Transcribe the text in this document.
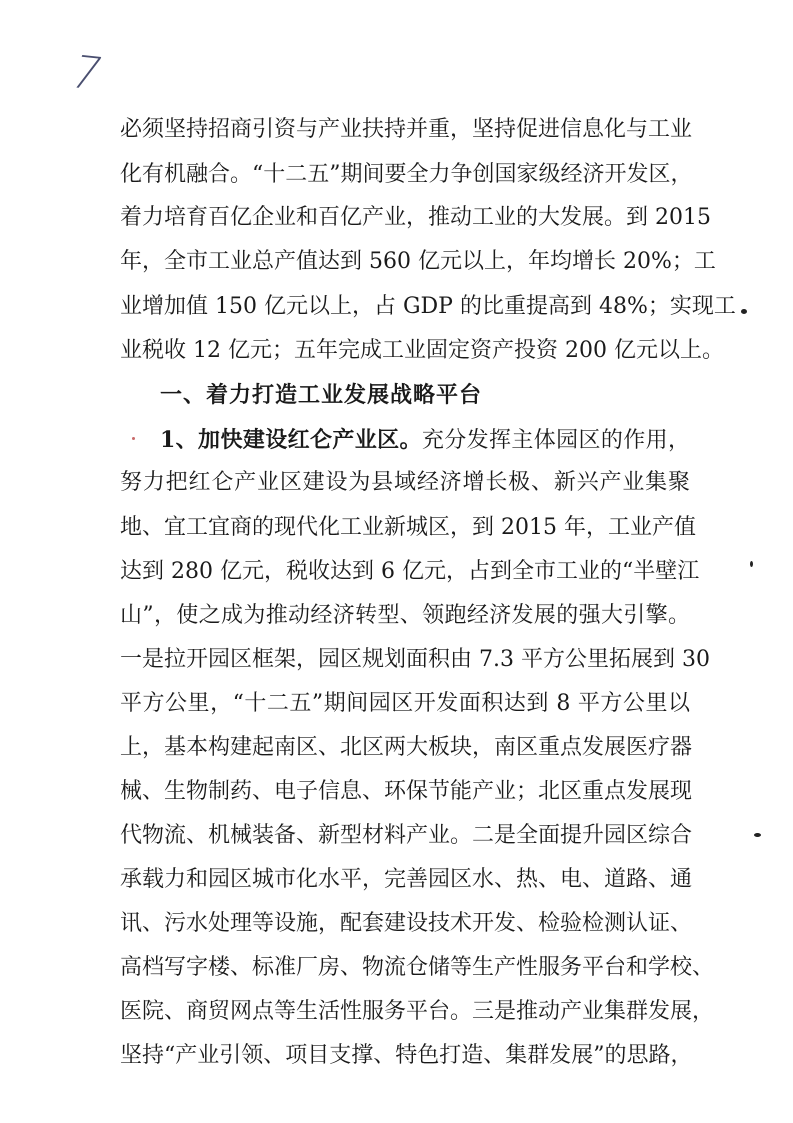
7
必须坚持招商引资与产业扶持并重，坚持促进信息化与工业
化有机融合。“十二五”期间要全力争创国家级经济开发区，
着力培育百亿企业和百亿产业，推动工业的大发展。到 2015
年，全市工业总产值达到 560 亿元以上，年均增长 20%；工
业增加值 150 亿元以上，占 GDP 的比重提高到 48%；实现工
业税收 12 亿元；五年完成工业固定资产投资 200 亿元以上。
一、着力打造工业发展战略平台
1、加快建设红仑产业区。充分发挥主体园区的作用，
努力把红仑产业区建设为县域经济增长极、新兴产业集聚
地、宜工宜商的现代化工业新城区，到 2015 年，工业产值
达到 280 亿元，税收达到 6 亿元，占到全市工业的“半壁江
山”，使之成为推动经济转型、领跑经济发展的强大引擎。
一是拉开园区框架，园区规划面积由 7.3 平方公里拓展到 30
平方公里，“十二五”期间园区开发面积达到 8 平方公里以
上，基本构建起南区、北区两大板块，南区重点发展医疗器
械、生物制药、电子信息、环保节能产业；北区重点发展现
代物流、机械装备、新型材料产业。二是全面提升园区综合
承载力和园区城市化水平，完善园区水、热、电、道路、通
讯、污水处理等设施，配套建设技术开发、检验检测认证、
高档写字楼、标准厂房、物流仓储等生产性服务平台和学校、
医院、商贸网点等生活性服务平台。三是推动产业集群发展，
坚持“产业引领、项目支撑、特色打造、集群发展”的思路，
